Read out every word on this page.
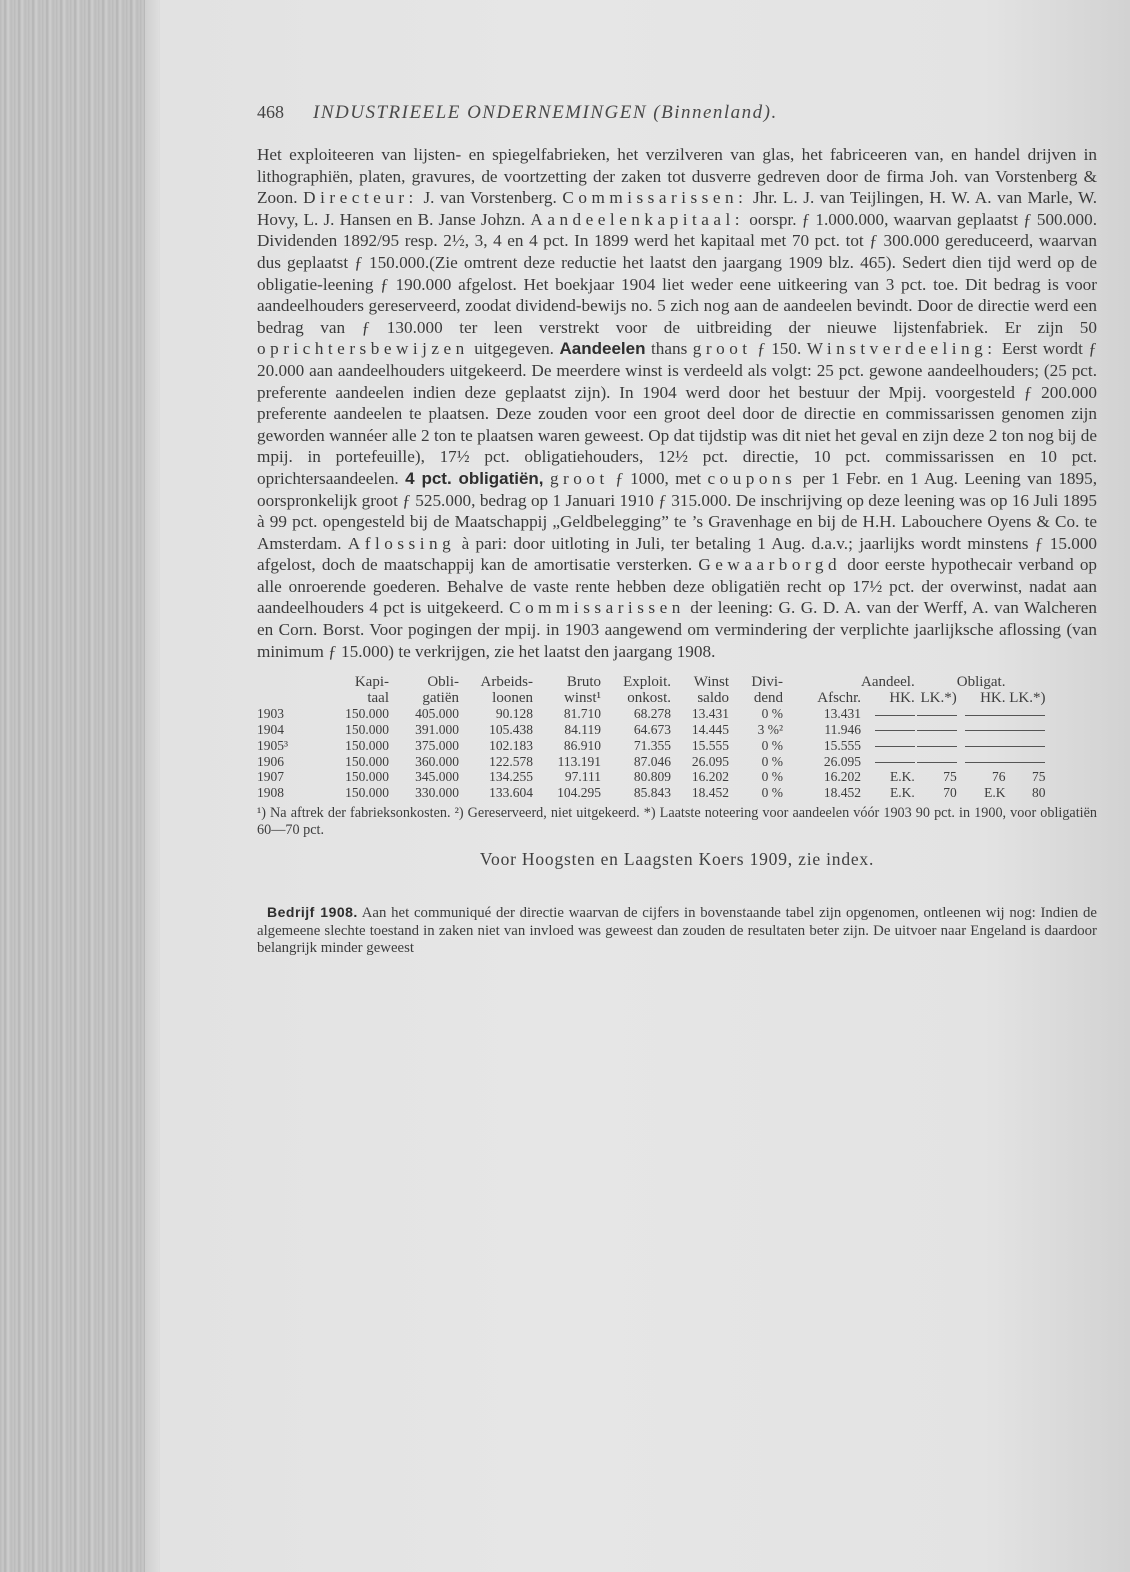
468	INDUSTRIEELE ONDERNEMINGEN (Binnenland).

Het exploiteeren van lijsten- en spiegelfabrieken, het verzilveren van glas, het fabriceeren van, en handel drijven in lithographiën, platen, gravures, de voortzetting der zaken tot dusverre gedreven door de firma Joh. van Vorstenberg & Zoon. Directeur: J. van Vorstenberg. Commissarissen: Jhr. L. J. van Teijlingen, H. W. A. van Marle, W. Hovy, L. J. Hansen en B. Janse Johzn. Aandeelenkapitaal: oorspr. ƒ 1.000.000, waarvan geplaatst ƒ 500.000. Dividenden 1892/95 resp. 2½, 3, 4 en 4 pct. In 1899 werd het kapitaal met 70 pct. tot ƒ 300.000 gereduceerd, waarvan dus geplaatst ƒ 150.000.(Zie omtrent deze reductie het laatst den jaargang 1909 blz. 465). Sedert dien tijd werd op de obligatie-leening ƒ 190.000 afgelost. Het boekjaar 1904 liet weder eene uitkeering van 3 pct. toe. Dit bedrag is voor aandeelhouders gereserveerd, zoodat dividend-bewijs no. 5 zich nog aan de aandeelen bevindt. Door de directie werd een bedrag van ƒ 130.000 ter leen verstrekt voor de uitbreiding der nieuwe lijstenfabriek. Er zijn 50 oprichtersbewijzen uitgegeven. Aandeelen thans groot ƒ 150. Winstverdeeling: Eerst wordt ƒ 20.000 aan aandeelhouders uitgekeerd. De meerdere winst is verdeeld als volgt: 25 pct. gewone aandeelhouders; (25 pct. preferente aandeelen indien deze geplaatst zijn). In 1904 werd door het bestuur der Mpij. voorgesteld ƒ 200.000 preferente aandeelen te plaatsen. Deze zouden voor een groot deel door de directie en commissarissen genomen zijn geworden wannéer alle 2 ton te plaatsen waren geweest. Op dat tijdstip was dit niet het geval en zijn deze 2 ton nog bij de mpij. in portefeuille), 17½ pct. obligatiehouders, 12½ pct. directie, 10 pct. commissarissen en 10 pct. oprichtersaandeelen. 4 pct. obligatiën, groot ƒ 1000, met coupons per 1 Febr. en 1 Aug. Leening van 1895, oorspronkelijk groot ƒ 525.000, bedrag op 1 Januari 1910 ƒ 315.000. De inschrijving op deze leening was op 16 Juli 1895 à 99 pct. opengesteld bij de Maatschappij „Geldbelegging” te ’s Gravenhage en bij de H.H. Labouchere Oyens & Co. te Amsterdam. Aflossing à pari: door uitloting in Juli, ter betaling 1 Aug. d.a.v.; jaarlijks wordt minstens ƒ 15.000 afgelost, doch de maatschappij kan de amortisatie versterken. Gewaarborgd door eerste hypothecair verband op alle onroerende goederen. Behalve de vaste rente hebben deze obligatiën recht op 17½ pct. der overwinst, nadat aan aandeelhouders 4 pct is uitgekeerd. Commissarissen der leening: G. G. D. A. van der Werff, A. van Walcheren en Corn. Borst. Voor pogingen der mpij. in 1903 aangewend om vermindering der verplichte jaarlijksche aflossing (van minimum ƒ 15.000) te verkrijgen, zie het laatst den jaargang 1908.

	Kapi-	Obli-	Arbeids-	Bruto	Exploit.	Winst	Divi-		Aandeel.		Obligat.	
	taal	gatiën	loonen	winst¹	onkost.	saldo	dend	Afschr.	HK.	LK.*)	HK.	LK.*)
1903	150.000	405.000	90.128	81.710	68.278	13.431	0 %	13.431				
1904	150.000	391.000	105.438	84.119	64.673	14.445	3 %²	11.946				
1905³	150.000	375.000	102.183	86.910	71.355	15.555	0 %	15.555				
1906	150.000	360.000	122.578	113.191	87.046	26.095	0 %	26.095				
1907	150.000	345.000	134.255	97.111	80.809	16.202	0 %	16.202	E.K.	75	76	75
1908	150.000	330.000	133.604	104.295	85.843	18.452	0 %	18.452	E.K.	70	E.K	80
¹) Na aftrek der fabrieksonkosten. ²) Gereserveerd, niet uitgekeerd. *) Laatste noteering voor aandeelen vóór 1903 90 pct. in 1900, voor obligatiën 60—70 pct.
Voor Hoogsten en Laagsten Koers 1909, zie index.
Bedrijf 1908. Aan het communiqué der directie waarvan de cijfers in bovenstaande tabel zijn opgenomen, ontleenen wij nog: Indien de algemeene slechte toestand in zaken niet van invloed was geweest dan zouden de resultaten beter zijn. De uitvoer naar Engeland is daardoor belangrijk minder geweest
